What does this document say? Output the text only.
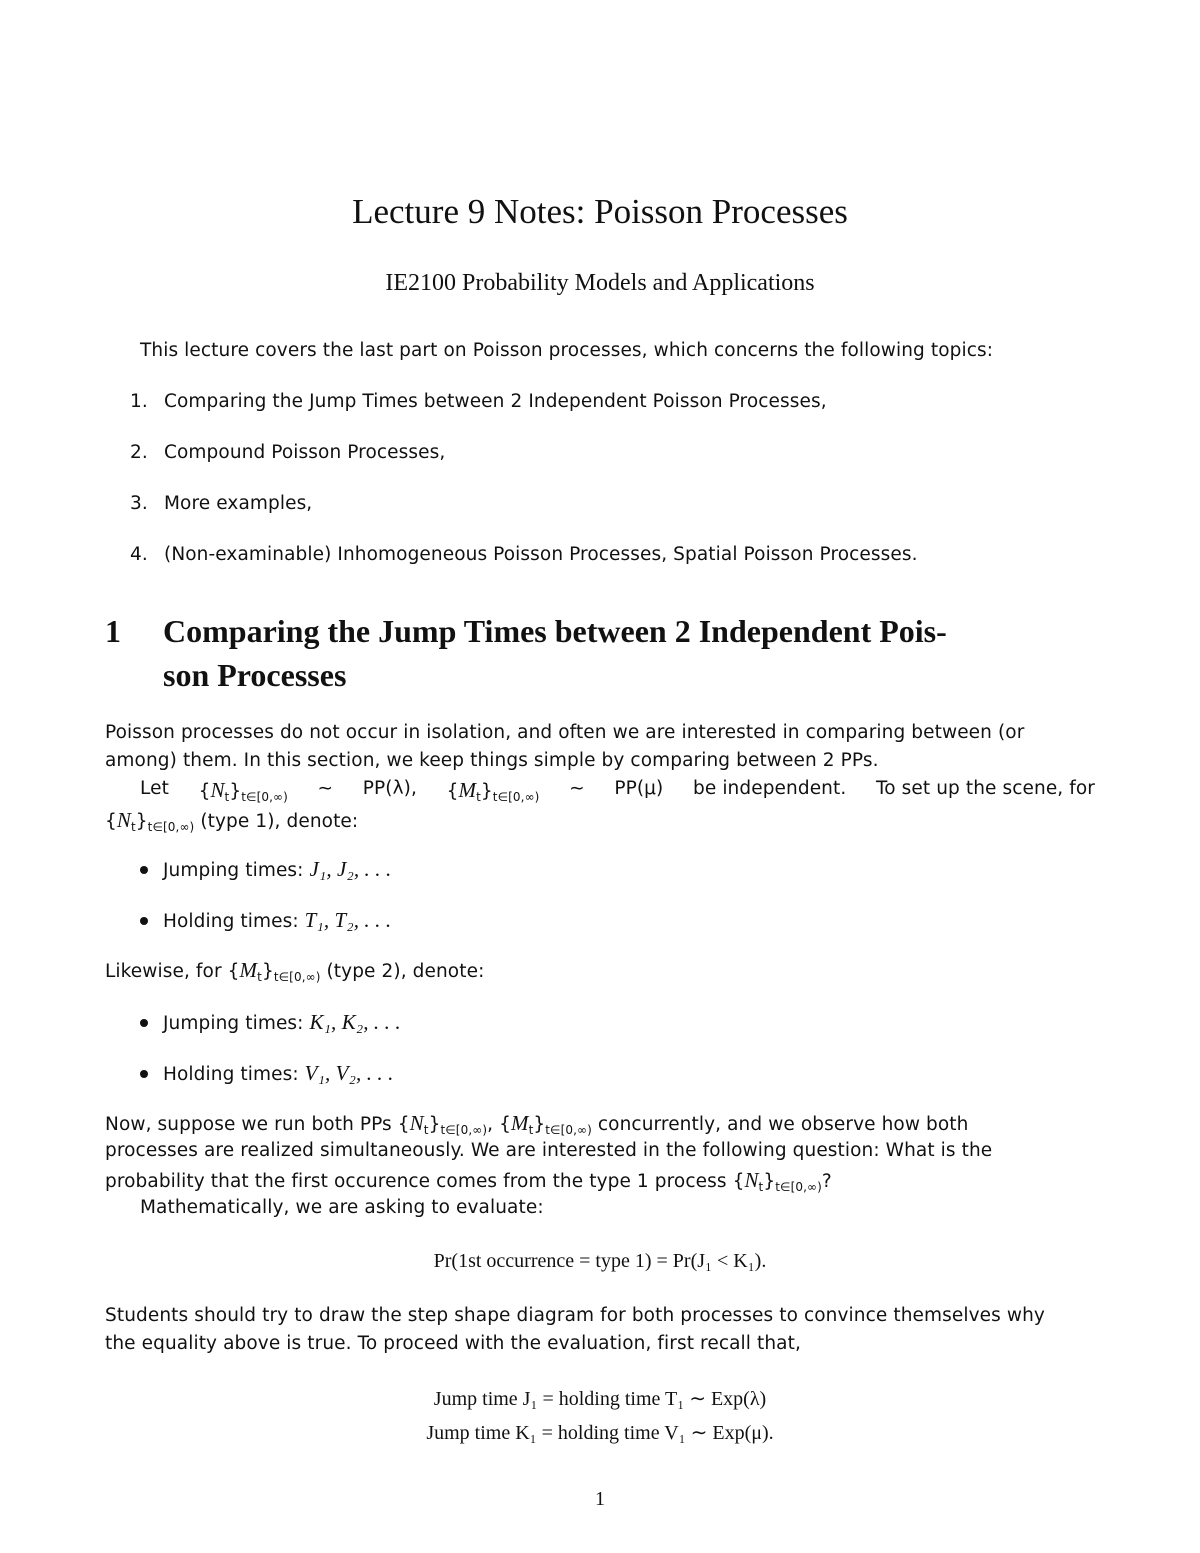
Lecture 9 Notes: Poisson Processes
IE2100 Probability Models and Applications
This lecture covers the last part on Poisson processes, which concerns the following topics:
1. Comparing the Jump Times between 2 Independent Poisson Processes,
2. Compound Poisson Processes,
3. More examples,
4. (Non-examinable) Inhomogeneous Poisson Processes, Spatial Poisson Processes.
1 Comparing the Jump Times between 2 Independent Pois-
son Processes
Poisson processes do not occur in isolation, and often we are interested in comparing between (or
among) them. In this section, we keep things simple by comparing between 2 PPs.
Let $\{N_t\}_{t\in[0,\infty)}$ ∼ PP(λ), $\{M_t\}_{t\in[0,\infty)}$ ∼ PP(μ) be independent. To set up the scene, for
$\{N_t\}_{t\in[0,\infty)}$ (type 1), denote:
Jumping times: J₁, J₂, . . .
Holding times: T₁, T₂, . . .
Likewise, for $\{M_t\}_{t\in[0,\infty)}$ (type 2), denote:
Jumping times: K₁, K₂, . . .
Holding times: V₁, V₂, . . .
Now, suppose we run both PPs $\{N_t\}_{t\in[0,\infty)}$, $\{M_t\}_{t\in[0,\infty)}$ concurrently, and we observe how both
processes are realized simultaneously. We are interested in the following question: What is the
probability that the first occurence comes from the type 1 process $\{N_t\}_{t\in[0,\infty)}$?
Mathematically, we are asking to evaluate:
Pr(1st occurrence = type 1) = Pr(J₁ < K₁).
Students should try to draw the step shape diagram for both processes to convince themselves why
the equality above is true. To proceed with the evaluation, first recall that,
Jump time J₁ = holding time T₁ ∼ Exp(λ)
Jump time K₁ = holding time V₁ ∼ Exp(μ).
1
